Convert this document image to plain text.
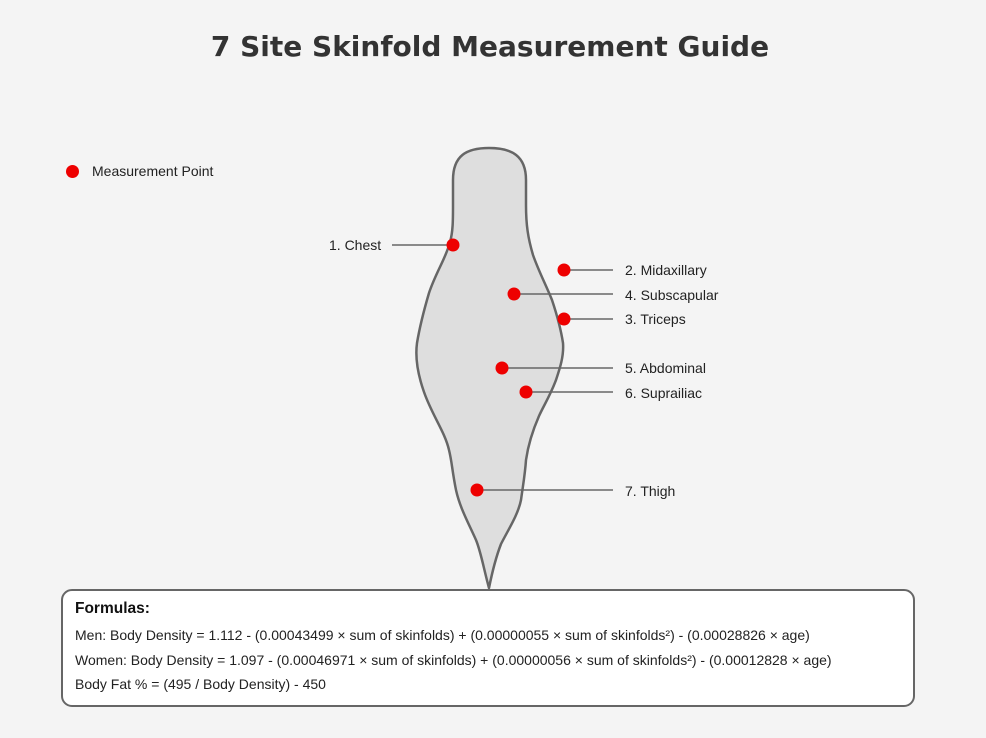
7 Site Skinfold Measurement Guide
Measurement Point
1. Chest
2. Midaxillary
4. Subscapular
3. Triceps
5. Abdominal
6. Suprailiac
7. Thigh
Formulas:
Men: Body Density = 1.112 - (0.00043499 × sum of skinfolds) + (0.00000055 × sum of skinfolds²) - (0.00028826 × age)
Women: Body Density = 1.097 - (0.00046971 × sum of skinfolds) + (0.00000056 × sum of skinfolds²) - (0.00012828 × age)
Body Fat % = (495 / Body Density) - 450
